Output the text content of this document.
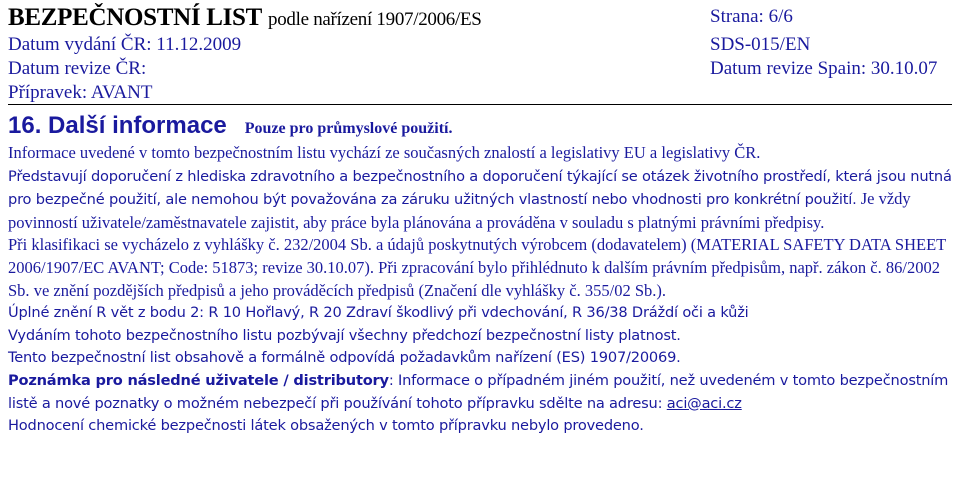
BEZPEČNOSTNÍ LIST podle nařízení 1907/2006/ES	Strana: 6/6
Datum vydání ČR: 11.12.2009	SDS-015/EN
Datum revize ČR:	Datum revize Spain: 30.10.07
Přípravek: AVANT
16. Další informace Pouze pro průmyslové použití.

Informace uvedené v tomto bezpečnostním listu vychází ze současných znalostí a legislativy EU a legislativy ČR.

Představují doporučení z hlediska zdravotního a bezpečnostního a doporučení týkající se otázek životního prostředí, která jsou nutná pro bezpečné použití, ale nemohou být považována za záruku užitných vlastností nebo vhodnosti pro konkrétní použití. Je vždy povinností uživatele/zaměstnavatele zajistit, aby práce byla plánována a prováděna v souladu s platnými právními předpisy.

Při klasifikaci se vycházelo z vyhlášky č. 232/2004 Sb. a údajů poskytnutých výrobcem (dodavatelem) (MATERIAL SAFETY DATA SHEET 2006/1907/EC AVANT; Code: 51873; revize 30.10.07). Při zpracování bylo přihlédnuto k dalším právním předpisům, např. zákon č. 86/2002 Sb. ve znění pozdějších předpisů a jeho prováděcích předpisů (Značení dle vyhlášky č. 355/02 Sb.).

Úplné znění R vět z bodu 2: R 10 Hořlavý, R 20 Zdraví škodlivý při vdechování, R 36/38 Dráždí oči a kůži

Vydáním tohoto bezpečnostního listu pozbývají všechny předchozí bezpečnostní listy platnost.

Tento bezpečnostní list obsahově a formálně odpovídá požadavkům nařízení (ES) 1907/20069.

Poznámka pro následné uživatele / distributory: Informace o případném jiném použití, než uvedeném v tomto bezpečnostním listě a nové poznatky o možném nebezpečí při používání tohoto přípravku sdělte na adresu: aci@aci.cz

Hodnocení chemické bezpečnosti látek obsažených v tomto přípravku nebylo provedeno.
